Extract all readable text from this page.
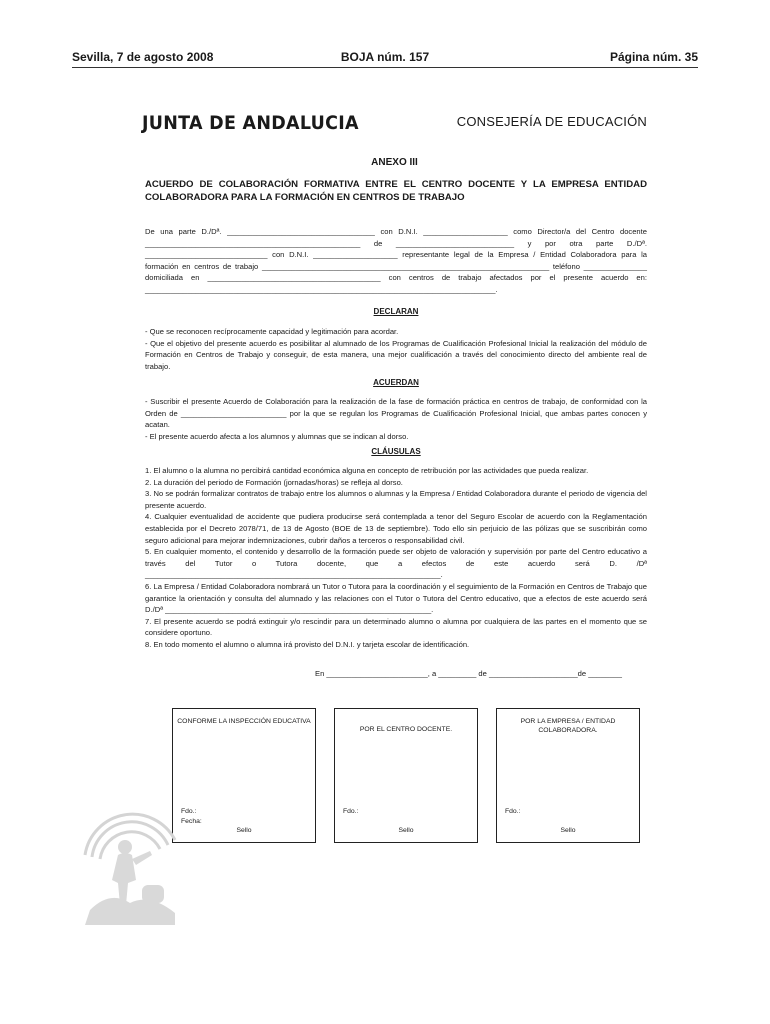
Sevilla, 7 de agosto 2008	BOJA núm. 157	Página núm. 35
JUNTA DE ANDALUCIA	CONSEJERÍA DE EDUCACIÓN
ANEXO III
ACUERDO DE COLABORACIÓN FORMATIVA ENTRE EL CENTRO DOCENTE Y LA EMPRESA ENTIDAD COLABORADORA PARA LA FORMACIÓN EN CENTROS DE TRABAJO
De una parte D./Dª. ___________________________________ con D.N.I. ____________________ como Director/a del Centro docente ___________________________________________________ de ____________________________ y por otra parte D./Dª. _____________________________ con D.N.I. ____________________ representante legal de la Empresa / Entidad Colaboradora para la formación en centros de trabajo ____________________________________________________________________ teléfono _______________ domiciliada en _________________________________________ con centros de trabajo afectados por el presente acuerdo en: ___________________________________________________________________________________.
DECLARAN

- Que se reconocen recíprocamente capacidad y legitimación para acordar.

- Que el objetivo del presente acuerdo es posibilitar al alumnado de los Programas de Cualificación Profesional Inicial la realización del módulo de Formación en Centros de Trabajo y conseguir, de esta manera, una mejor cualificación a través del conocimiento directo del ambiente real de trabajo.

ACUERDAN

- Suscribir el presente Acuerdo de Colaboración para la realización de la fase de formación práctica en centros de trabajo, de conformidad con la Orden de _________________________ por la que se regulan los Programas de Cualificación Profesional Inicial, que ambas partes conocen y acatan.

- El presente acuerdo afecta a los alumnos y alumnas que se indican al dorso.

CLÁUSULAS

1. El alumno o la alumna no percibirá cantidad económica alguna en concepto de retribución por las actividades que pueda realizar.

2. La duración del periodo de Formación (jornadas/horas) se refleja al dorso.

3. No se podrán formalizar contratos de trabajo entre los alumnos o alumnas y la Empresa / Entidad Colaboradora durante el periodo de vigencia del presente acuerdo.

4. Cualquier eventualidad de accidente que pudiera producirse será contemplada a tenor del Seguro Escolar de acuerdo con la Reglamentación establecida por el Decreto 2078/71, de 13 de Agosto (BOE de 13 de septiembre). Todo ello sin perjuicio de las pólizas que se suscribirán como seguro adicional para mejorar indemnizaciones, cubrir daños a terceros o responsabilidad civil.

5. En cualquier momento, el contenido y desarrollo de la formación puede ser objeto de valoración y supervisión por parte del Centro educativo a través del Tutor o Tutora docente, que a efectos de este acuerdo será D. /Dª ______________________________________________________________________.

6. La Empresa / Entidad Colaboradora nombrará un Tutor o Tutora para la coordinación y el seguimiento de la Formación en Centros de Trabajo que garantice la orientación y consulta del alumnado y las relaciones con el Tutor o Tutora del Centro educativo, que a efectos de este acuerdo será D./Dª _______________________________________________________________.

7. El presente acuerdo se podrá extinguir y/o rescindir para un determinado alumno o alumna por cualquiera de las partes en el momento que se considere oportuno.

8. En todo momento el alumno o alumna irá provisto del D.N.I. y tarjeta escolar de identificación.

En ________________________, a _________ de _____________________de ________
CONFORME LA INSPECCIÓN EDUCATIVA
Fdo.:
Fecha:
Sello
POR EL CENTRO DOCENTE.
Fdo.:
Sello
POR LA EMPRESA / ENTIDAD COLABORADORA.
Fdo.:
Sello
